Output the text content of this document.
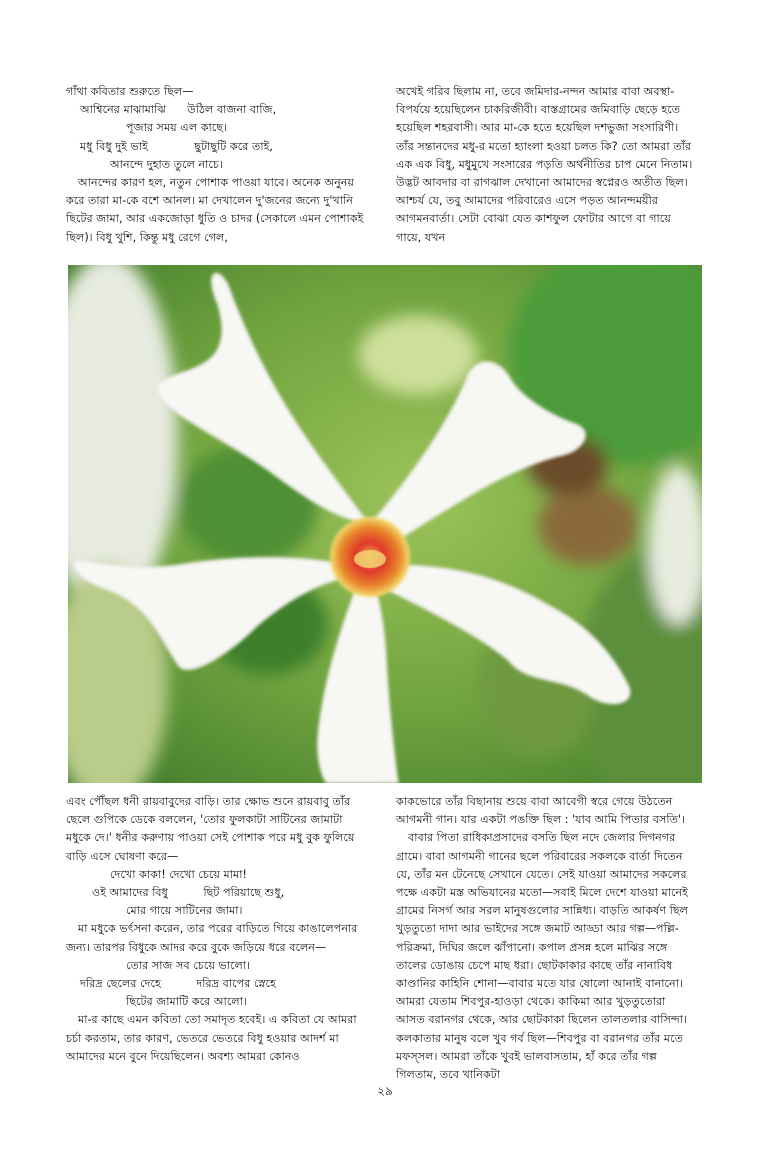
গাঁথা কবিতার শুরুতে ছিল—

আশ্বিনের মাঝামাঝি      উঠিল বাজনা বাজি,

পূজার সময় এল কাছে।

মধু বিধু দুই ভাই             ছুটাছুটি করে তাই,

আনন্দে দুহাত তুলে নাচে।

আনন্দের কারণ হল, নতুন পোশাক পাওয়া যাবে। অনেক অনুনয় করে তারা মা-কে বশে আনল। মা দেখালেন দু'জনের জন্যে দু'খানি ছিটের জামা, আর একজোড়া ধুতি ও চাদর (সেকালে এমন পোশাকই ছিল)। বিধু খুশি, কিন্তু মধু রেগে গেল,

অখেই গরিব ছিলাম না, তবে জমিদার-নন্দন আমার বাবা অবস্থা-বিপর্যয়ে হয়েছিলেন চাকরিজীবী। বাস্তগ্রামের জমিবাড়ি ছেড়ে হতে হয়েছিল শহরবাসী। আর মা-কে হতে হয়েছিল দশভুজা সংসারিণী। তাঁর সন্তানদের মধু-র মতো হ্যাংলা হওয়া চলত কি? তো আমরা তাঁর এক এক বিধু, মধুমুখে সংসারের পড়তি অর্থনীতির চাপ মেনে নিতাম। উদ্ভট আবদার বা রাগঝাল দেখানো আমাদের স্বপ্নেরও অতীত ছিল। আশ্চর্য যে, তবু আমাদের পরিবারেও এসে পড়ত আনন্দময়ীর আগমনবার্তা। সেটা বোঝা যেত কাশফুল ফোটার আগে বা গায়ে গায়ে, যখন

এবং পৌঁছল ধনী রায়বাবুদের বাড়ি। তার ক্ষোভ শুনে রায়বাবু তাঁর ছেলে গুপিকে ডেকে বললেন, 'তোর ফুলকাটা সাটিনের জামাটা মধুকে দে।' ধনীর করুণায় পাওয়া সেই পোশাক পরে মধু বুক ফুলিয়ে বাড়ি এসে ঘোষণা করে—

দেখো কাকা! দেখো চেয়ে মামা!

ওই আমাদের বিধু          ছিট পরিয়াছে শুধু,

মোর গায়ে সাটিনের জামা।

মা মধুকে ভর্ৎসনা করেন, তার পরের বাড়িতে গিয়ে কাঙালেপনার জন্য। তারপর বিধুকে আদর করে বুকে জড়িয়ে ধরে বলেন—

তোর সাজ সব চেয়ে ভালো।

দরিদ্র ছেলের দেহে          দরিদ্র বাপের স্নেহে

ছিটের জামাটি করে আলো।

মা-র কাছে এমন কবিতা তো সমাদৃত হবেই। এ কবিতা যে আমরা চর্চা করতাম, তার কারণ, ভেতরে ভেতরে বিধু হওয়ার আদর্শ মা আমাদের মনে বুনে দিয়েছিলেন। অবশ্য আমরা কোনও

কাকভোরে তাঁর বিছানায় শুয়ে বাবা আবেগী স্বরে গেয়ে উঠতেন আগমনী গান। যার একটা পঙক্তি ছিল : 'যাব আমি পিতার বসতি'।

বাবার পিতা রাধিকাপ্রসাদের বসতি ছিল নদে জেলার দিগনগর গ্রামে। বাবা আগমনী গানের ছলে পরিবারের সকলকে বার্তা দিতেন যে, তাঁর মন টেনেছে সেখানে যেতে। সেই যাওয়া আমাদের সকলের পক্ষে একটা মস্ত অভিযানের মতো—সবাই মিলে দেশে যাওয়া মানেই গ্রামের নিসর্গ আর সরল মানুষগুলোর সান্নিধ্য। বাড়তি আকর্ষণ ছিল খুড়তুতো দাদা আর ভাইদের সঙ্গে জমাট আড্ডা আর গল্প—পল্লি-পরিক্রমা, দিঘির জলে ঝাঁপানো। কপাল প্রসন্ন হলে মাঝির সঙ্গে তালের ডোঙায় চেপে মাছ ধরা। ছোটকাকার কাছে তাঁর নানাবিধ কাণ্ডানির কাহিনি শোনা—বাবার মতে যার ষোলো আনাই বানানো। আমরা যেতাম শিবপুর-হাওড়া থেকে। কাকিমা আর খুড়তুতোরা আসত বরানগর থেকে, আর ছোটকাকা ছিলেন তালতলার বাসিন্দা। কলকাতার মানুষ বলে খুব গর্ব ছিল—শিবপুর বা বরানগর তাঁর মতে মফস্সল। আমরা তাঁকে খুবই ভালবাসতাম, হাঁ করে তাঁর গল্প গিলতাম, তবে খানিকটা

২৯
